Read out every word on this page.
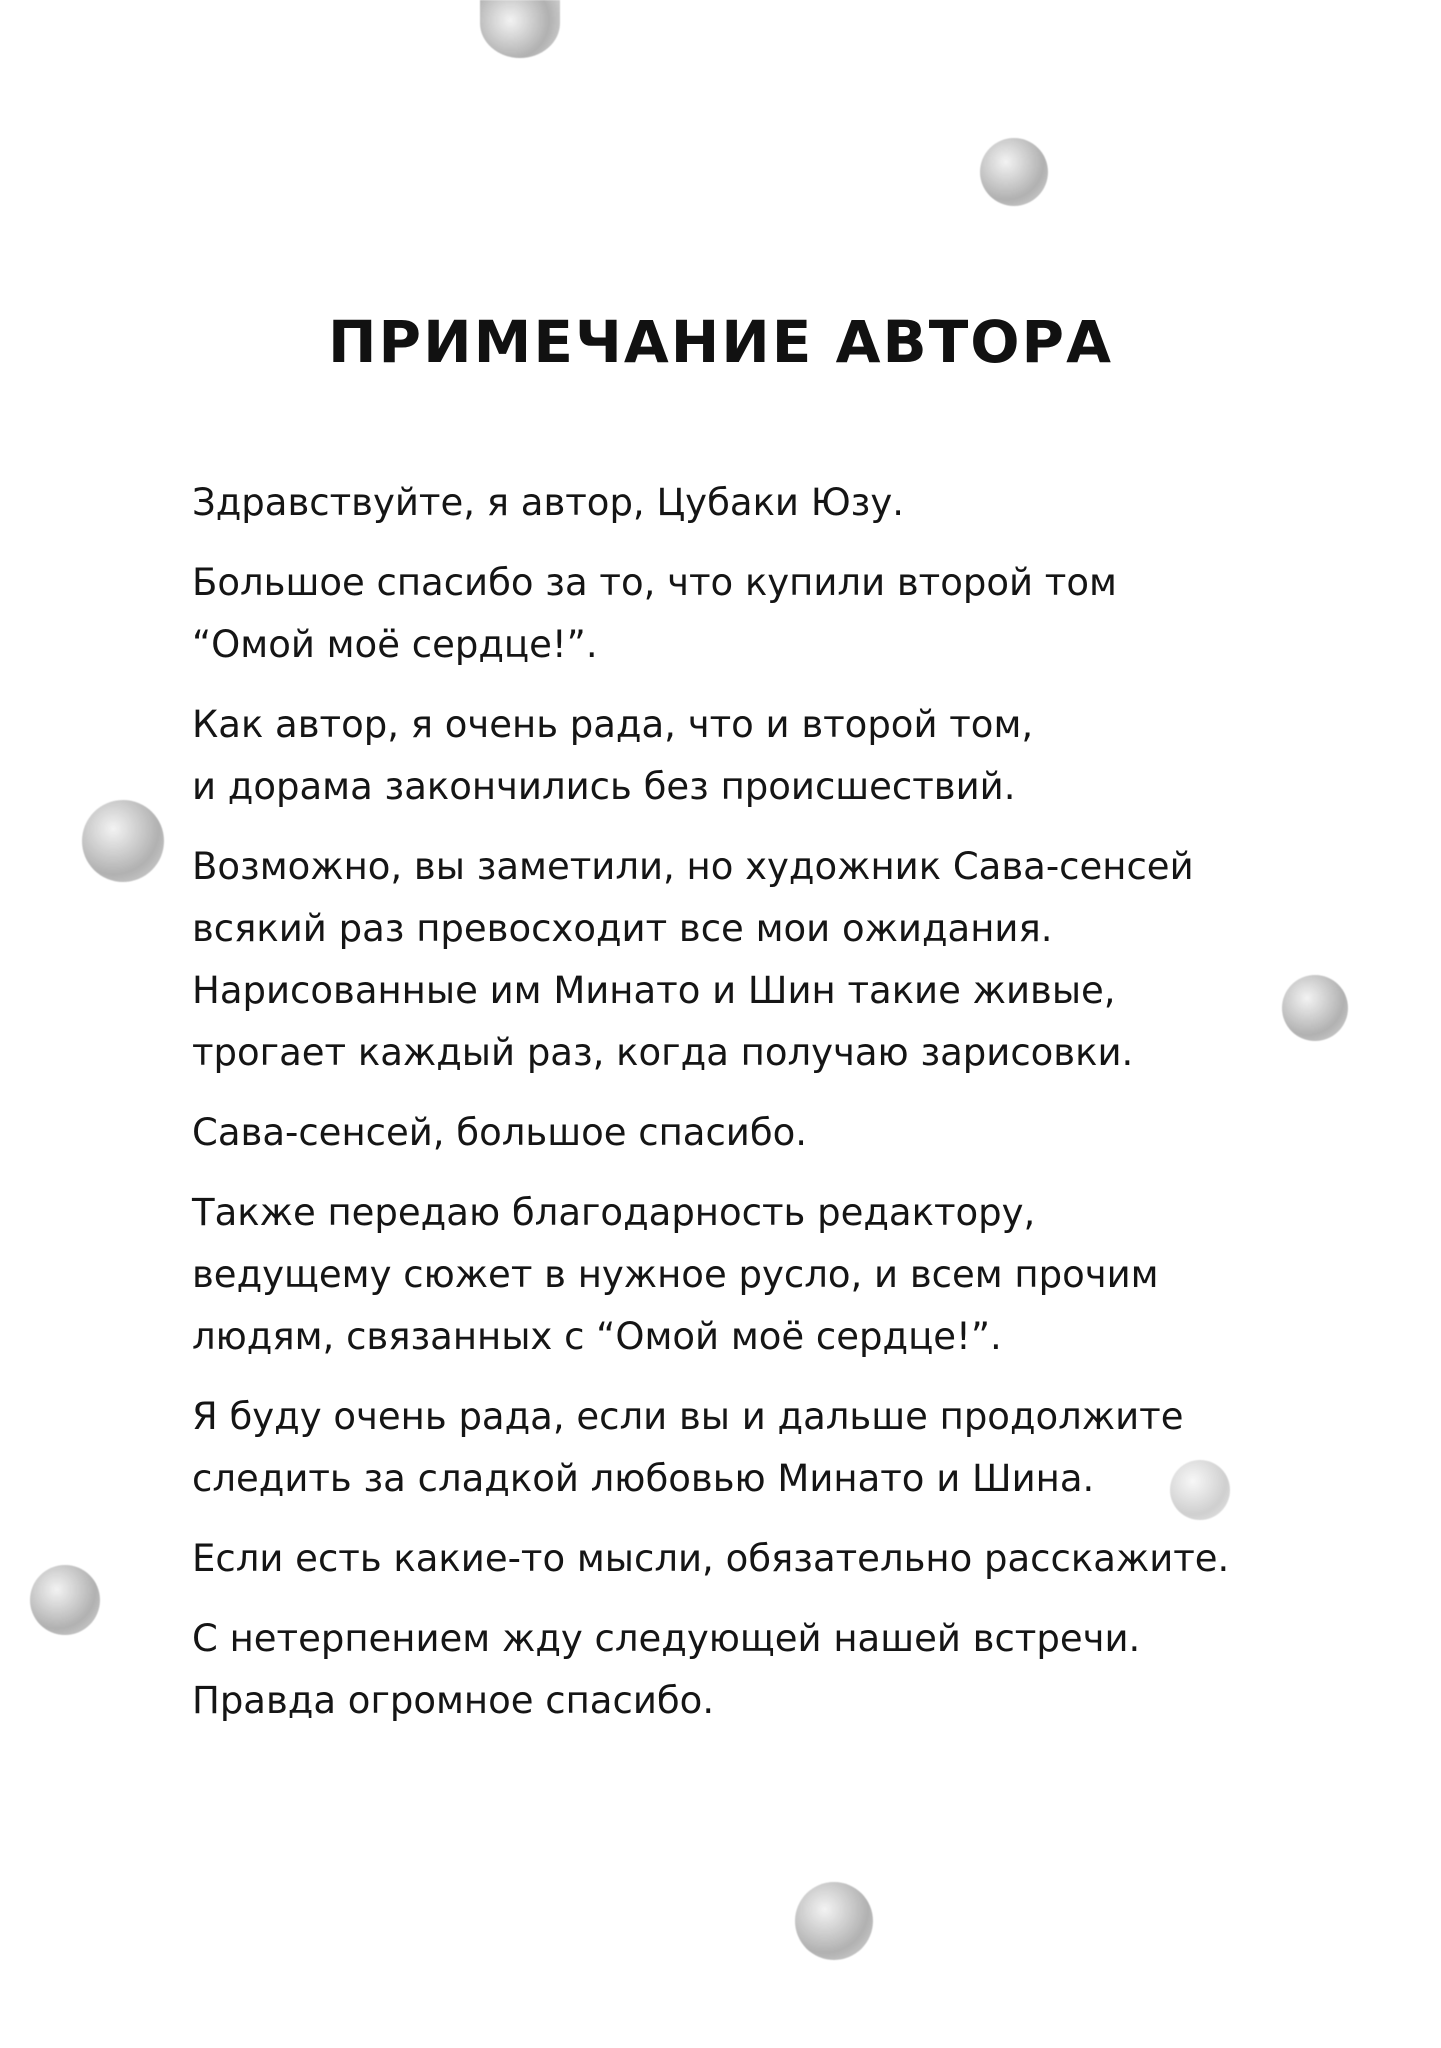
ПРИМЕЧАНИЕ АВТОРА

Здравствуйте, я автор, Цубаки Юзу.

Большое спасибо за то, что купили второй том
“Омой моё сердце!”.

Как автор, я очень рада, что и второй том,
и дорама закончились без происшествий.

Возможно, вы заметили, но художник Сава-сенсей
всякий раз превосходит все мои ожидания.
Нарисованные им Минато и Шин такие живые,
трогает каждый раз, когда получаю зарисовки.

Сава-сенсей, большое спасибо.

Также передаю благодарность редактору,
ведущему сюжет в нужное русло, и всем прочим
людям, связанных с “Омой моё сердце!”.

Я буду очень рада, если вы и дальше продолжите
следить за сладкой любовью Минато и Шина.

Если есть какие-то мысли, обязательно расскажите.

С нетерпением жду следующей нашей встречи.
Правда огромное спасибо.
